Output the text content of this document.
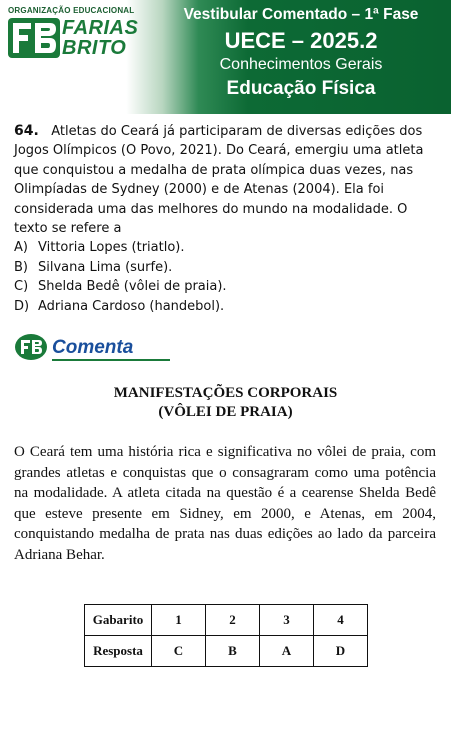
ORGANIZAÇÃO EDUCACIONAL
FARIAS
BRITO
Vestibular Comentado – 1ª Fase
UECE – 2025.2
Conhecimentos Gerais
Educação Física
64. Atletas do Ceará já participaram de diversas edições dos Jogos Olímpicos (O Povo, 2021). Do Ceará, emergiu uma atleta que conquistou a medalha de prata olímpica duas vezes, nas Olimpíadas de Sydney (2000) e de Atenas (2004). Ela foi considerada uma das melhores do mundo na modalidade. O texto se refere a
A) Vittoria Lopes (triatlo).
B) Silvana Lima (surfe).
C) Shelda Bedê (vôlei de praia).
D) Adriana Cardoso (handebol).
Comenta
MANIFESTAÇÕES CORPORAIS
(VÔLEI DE PRAIA)
O Ceará tem uma história rica e significativa no vôlei de praia, com grandes atletas e conquistas que o consagraram como uma potência na modalidade. A atleta citada na questão é a cearense Shelda Bedê que esteve presente em Sidney, em 2000, e Atenas, em 2004, conquistando medalha de prata nas duas edições ao lado da parceira Adriana Behar.
Gabarito	1	2	3	4
Resposta	C	B	A	D
